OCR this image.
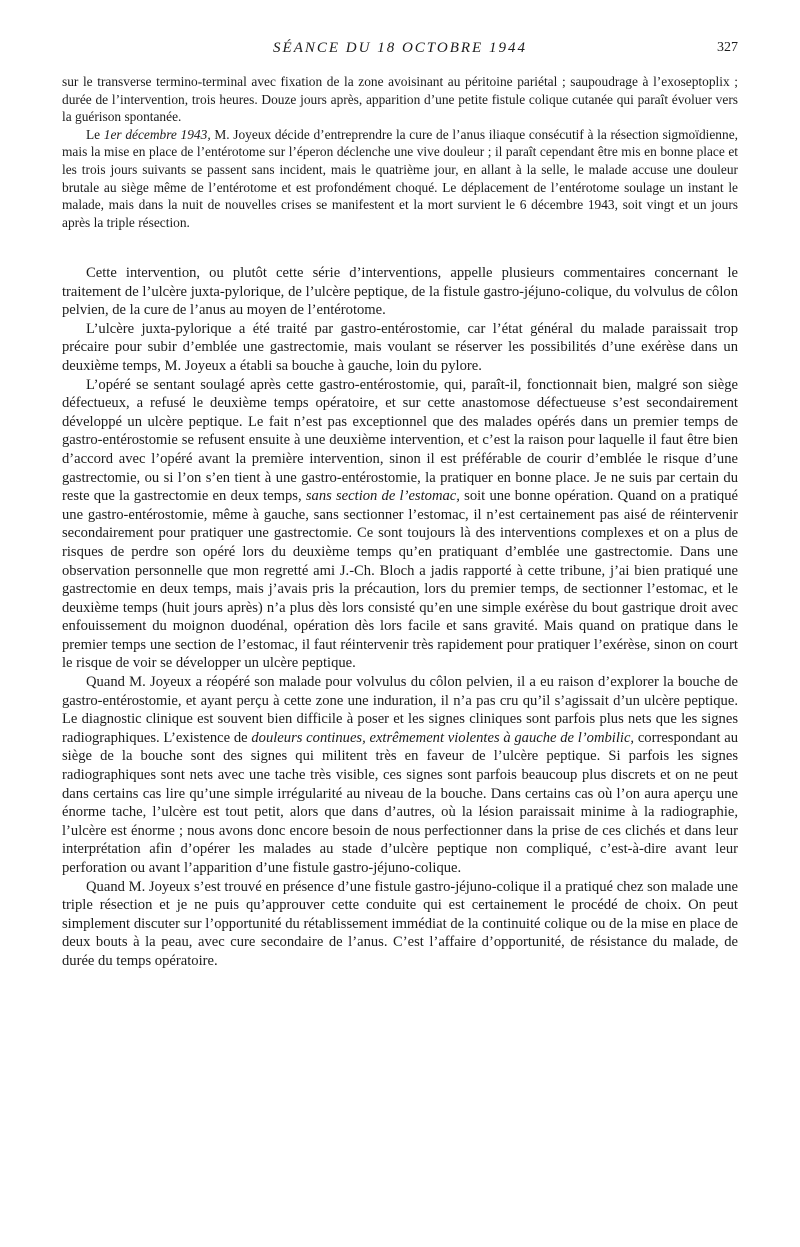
SÉANCE DU 18 OCTOBRE 1944	327

sur le transverse termino-terminal avec fixation de la zone avoisinant au péritoine pariétal ; saupoudrage à l’exoseptoplix ; durée de l’intervention, trois heures. Douze jours après, apparition d’une petite fistule colique cutanée qui paraît évoluer vers la guérison spontanée.

Le 1er décembre 1943, M. Joyeux décide d’entreprendre la cure de l’anus iliaque consécutif à la résection sigmoïdienne, mais la mise en place de l’entérotome sur l’éperon déclenche une vive douleur ; il paraît cependant être mis en bonne place et les trois jours suivants se passent sans incident, mais le quatrième jour, en allant à la selle, le malade accuse une douleur brutale au siège même de l’entérotome et est profondément choqué. Le déplacement de l’entérotome soulage un instant le malade, mais dans la nuit de nouvelles crises se manifestent et la mort survient le 6 décembre 1943, soit vingt et un jours après la triple résection.

Cette intervention, ou plutôt cette série d’interventions, appelle plusieurs commentaires concernant le traitement de l’ulcère juxta-pylorique, de l’ulcère peptique, de la fistule gastro-jéjuno-colique, du volvulus de côlon pelvien, de la cure de l’anus au moyen de l’entérotome.

L’ulcère juxta-pylorique a été traité par gastro-entérostomie, car l’état général du malade paraissait trop précaire pour subir d’emblée une gastrectomie, mais voulant se réserver les possibilités d’une exérèse dans un deuxième temps, M. Joyeux a établi sa bouche à gauche, loin du pylore.

L’opéré se sentant soulagé après cette gastro-entérostomie, qui, paraît-il, fonctionnait bien, malgré son siège défectueux, a refusé le deuxième temps opératoire, et sur cette anastomose défectueuse s’est secondairement développé un ulcère peptique. Le fait n’est pas exceptionnel que des malades opérés dans un premier temps de gastro-entérostomie se refusent ensuite à une deuxième intervention, et c’est la raison pour laquelle il faut être bien d’accord avec l’opéré avant la première intervention, sinon il est préférable de courir d’emblée le risque d’une gastrectomie, ou si l’on s’en tient à une gastro-entérostomie, la pratiquer en bonne place. Je ne suis par certain du reste que la gastrectomie en deux temps, sans section de l’estomac, soit une bonne opération. Quand on a pratiqué une gastro-entérostomie, même à gauche, sans sectionner l’estomac, il n’est certainement pas aisé de réintervenir secondairement pour pratiquer une gastrectomie. Ce sont toujours là des interventions complexes et on a plus de risques de perdre son opéré lors du deuxième temps qu’en pratiquant d’emblée une gastrectomie. Dans une observation personnelle que mon regretté ami J.-Ch. Bloch a jadis rapporté à cette tribune, j’ai bien pratiqué une gastrectomie en deux temps, mais j’avais pris la précaution, lors du premier temps, de sectionner l’estomac, et le deuxième temps (huit jours après) n’a plus dès lors consisté qu’en une simple exérèse du bout gastrique droit avec enfouissement du moignon duodénal, opération dès lors facile et sans gravité. Mais quand on pratique dans le premier temps une section de l’estomac, il faut réintervenir très rapidement pour pratiquer l’exérèse, sinon on court le risque de voir se développer un ulcère peptique.

Quand M. Joyeux a réopéré son malade pour volvulus du côlon pelvien, il a eu raison d’explorer la bouche de gastro-entérostomie, et ayant perçu à cette zone une induration, il n’a pas cru qu’il s’agissait d’un ulcère peptique. Le diagnostic clinique est souvent bien difficile à poser et les signes cliniques sont parfois plus nets que les signes radiographiques. L’existence de douleurs continues, extrêmement violentes à gauche de l’ombilic, correspondant au siège de la bouche sont des signes qui militent très en faveur de l’ulcère peptique. Si parfois les signes radiographiques sont nets avec une tache très visible, ces signes sont parfois beaucoup plus discrets et on ne peut dans certains cas lire qu’une simple irrégularité au niveau de la bouche. Dans certains cas où l’on aura aperçu une énorme tache, l’ulcère est tout petit, alors que dans d’autres, où la lésion paraissait minime à la radiographie, l’ulcère est énorme ; nous avons donc encore besoin de nous perfectionner dans la prise de ces clichés et dans leur interprétation afin d’opérer les malades au stade d’ulcère peptique non compliqué, c’est-à-dire avant leur perforation ou avant l’apparition d’une fistule gastro-jéjuno-colique.

Quand M. Joyeux s’est trouvé en présence d’une fistule gastro-jéjuno-colique il a pratiqué chez son malade une triple résection et je ne puis qu’approuver cette conduite qui est certainement le procédé de choix. On peut simplement discuter sur l’opportunité du rétablissement immédiat de la continuité colique ou de la mise en place de deux bouts à la peau, avec cure secondaire de l’anus. C’est l’affaire d’opportunité, de résistance du malade, de durée du temps opératoire.
